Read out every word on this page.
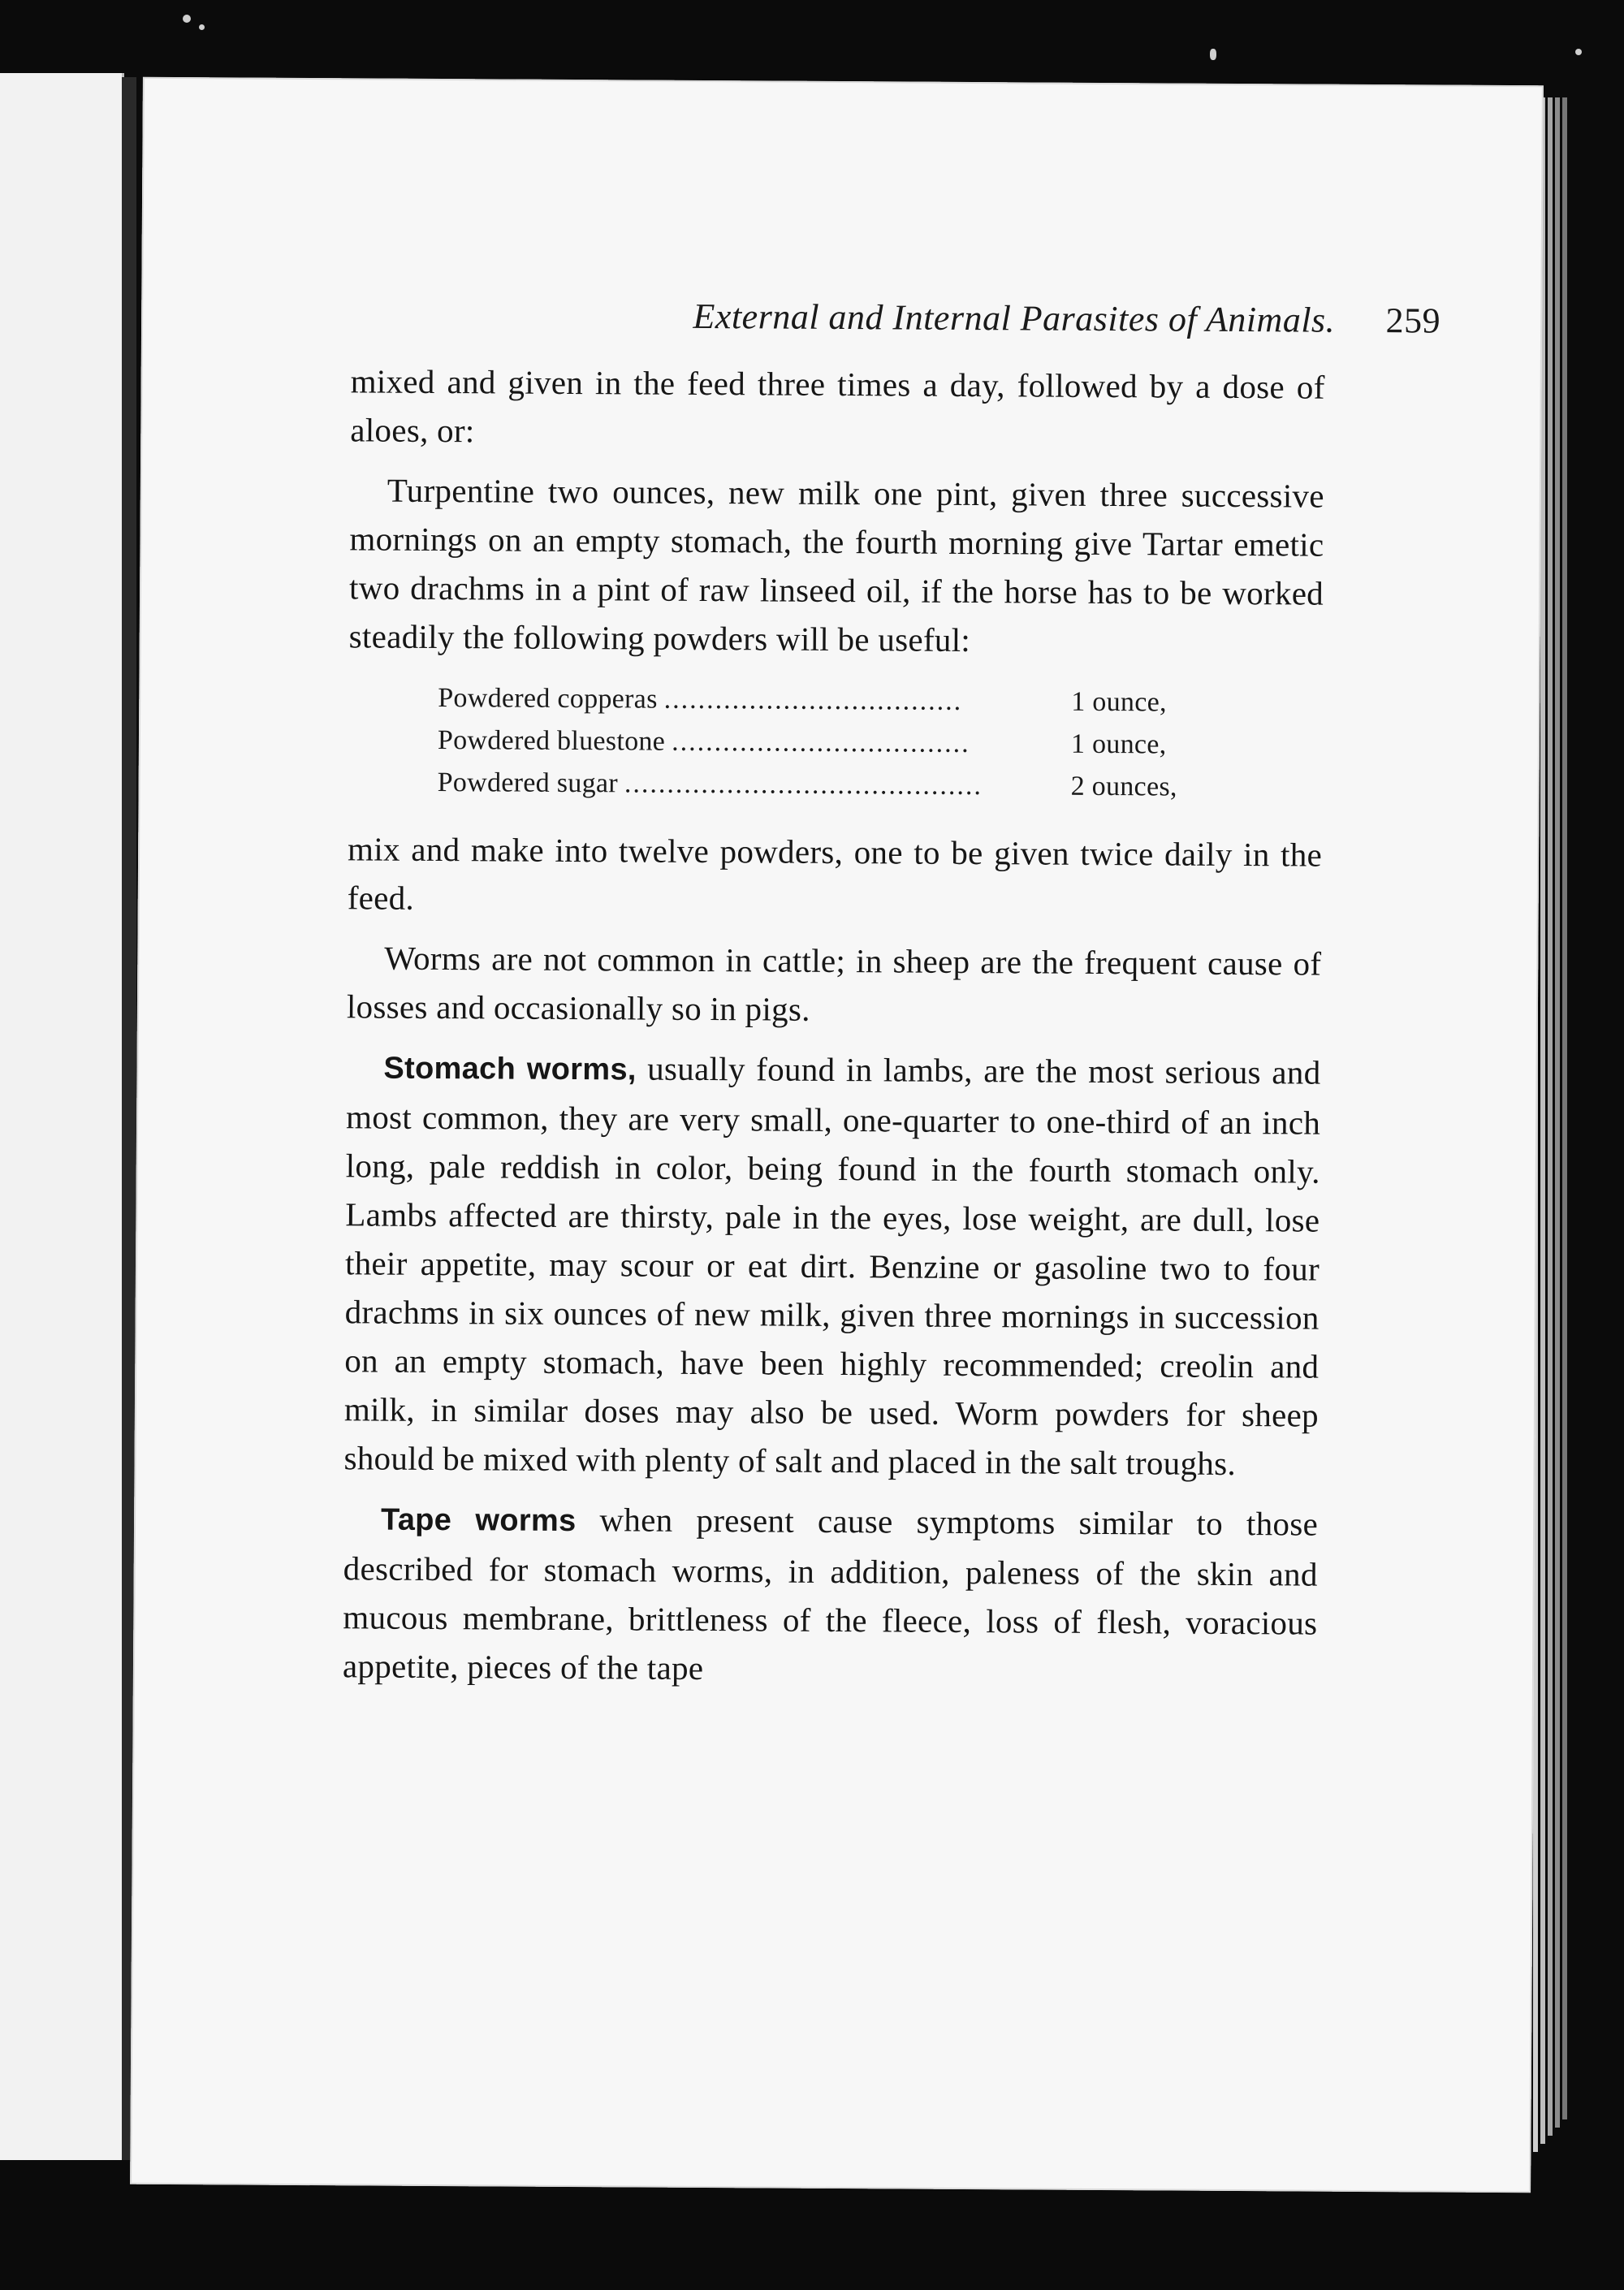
External and Internal Parasites of Animals. 259

mixed and given in the feed three times a day, followed by a dose of aloes, or:

Turpentine two ounces, new milk one pint, given three successive mornings on an empty stomach, the fourth morning give Tartar emetic two drachms in a pint of raw linseed oil, if the horse has to be worked steadily the following powders will be useful:

Powdered copperas ...................................	1 ounce,
Powdered bluestone ...................................	1 ounce,
Powdered sugar ..........................................	2 ounces,

mix and make into twelve powders, one to be given twice daily in the feed.

Worms are not common in cattle; in sheep are the frequent cause of losses and occasionally so in pigs.

Stomach worms, usually found in lambs, are the most serious and most common, they are very small, one-quarter to one-third of an inch long, pale reddish in color, being found in the fourth stomach only. Lambs affected are thirsty, pale in the eyes, lose weight, are dull, lose their appetite, may scour or eat dirt. Benzine or gasoline two to four drachms in six ounces of new milk, given three mornings in succession on an empty stomach, have been highly recommended; creolin and milk, in similar doses may also be used. Worm powders for sheep should be mixed with plenty of salt and placed in the salt troughs.

Tape worms when present cause symptoms similar to those described for stomach worms, in addition, paleness of the skin and mucous membrane, brittleness of the fleece, loss of flesh, voracious appetite, pieces of the tape
